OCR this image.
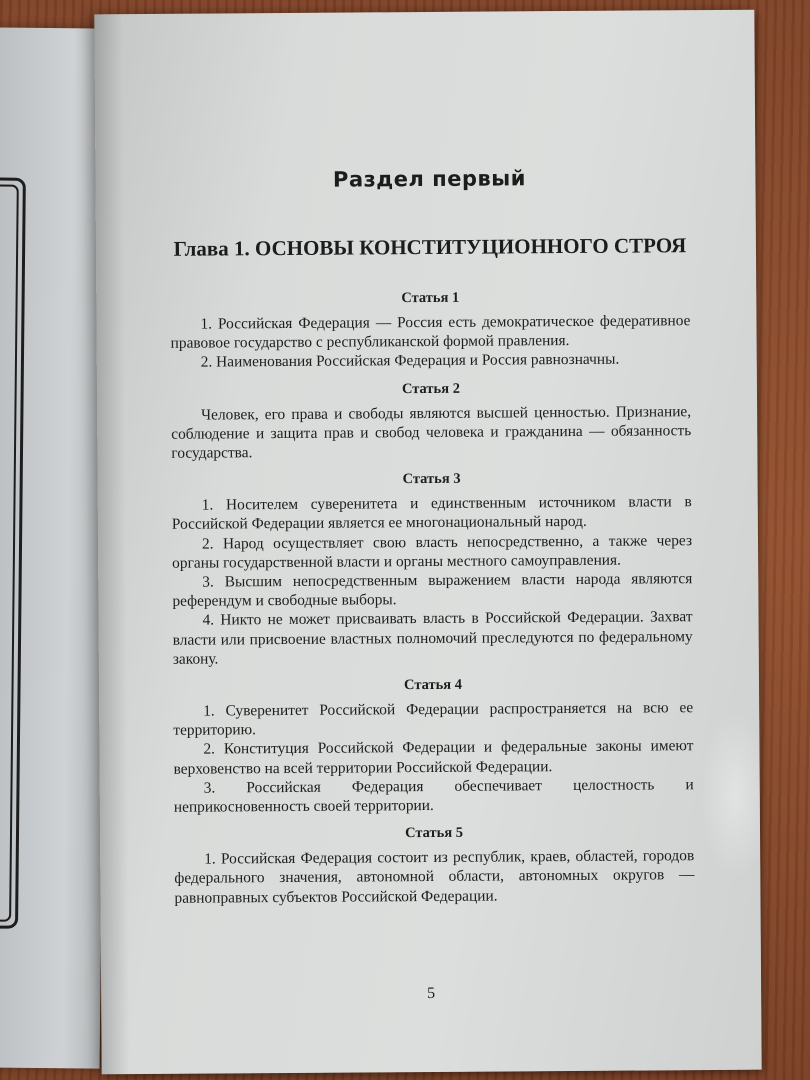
Раздел первый
Глава 1. ОСНОВЫ КОНСТИТУЦИОННОГО СТРОЯ
Статья 1

1. Российская Федерация — Россия есть демократическое федеративное правовое государство с республиканской формой правления.

2. Наименования Российская Федерация и Россия равнозначны.

Статья 2

Человек, его права и свободы являются высшей ценностью. Признание, соблюдение и защита прав и свобод человека и гражданина — обязанность государства.

Статья 3

1. Носителем суверенитета и единственным источником власти в Российской Федерации является ее многонациональный народ.

2. Народ осуществляет свою власть непосредственно, а также через органы государственной власти и органы местного самоуправления.

3. Высшим непосредственным выражением власти народа являются референдум и свободные выборы.

4. Никто не может присваивать власть в Российской Федерации. Захват власти или присвоение властных полномочий преследуются по федеральному закону.

Статья 4

1. Суверенитет Российской Федерации распространяется на всю ее территорию.

2. Конституция Российской Федерации и федеральные законы имеют верховенство на всей территории Российской Федерации.

3. Российская Федерация обеспечивает целостность и неприкосновенность своей территории.

Статья 5

1. Российская Федерация состоит из республик, краев, областей, городов федерального значения, автономной области, автономных округов — равноправных субъектов Российской Федерации.

5
